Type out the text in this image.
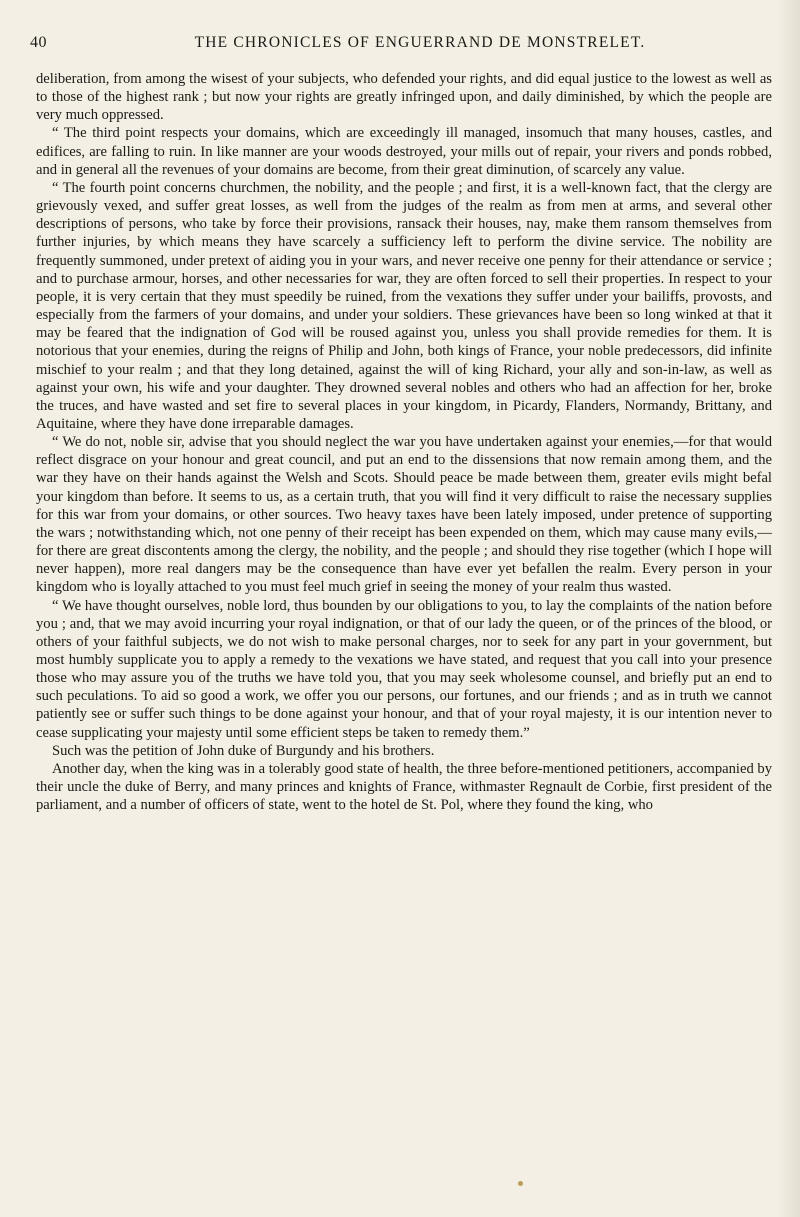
40	THE CHRONICLES OF ENGUERRAND DE MONSTRELET.

deliberation, from among the wisest of your subjects, who defended your rights, and did equal justice to the lowest as well as to those of the highest rank ; but now your rights are greatly infringed upon, and daily diminished, by which the people are very much oppressed.

“ The third point respects your domains, which are exceedingly ill managed, insomuch that many houses, castles, and edifices, are falling to ruin. In like manner are your woods destroyed, your mills out of repair, your rivers and ponds robbed, and in general all the revenues of your domains are become, from their great diminution, of scarcely any value.

“ The fourth point concerns churchmen, the nobility, and the people ; and first, it is a well-known fact, that the clergy are grievously vexed, and suffer great losses, as well from the judges of the realm as from men at arms, and several other descriptions of persons, who take by force their provisions, ransack their houses, nay, make them ransom themselves from further injuries, by which means they have scarcely a sufficiency left to perform the divine service. The nobility are frequently summoned, under pretext of aiding you in your wars, and never receive one penny for their attendance or service ; and to purchase armour, horses, and other necessaries for war, they are often forced to sell their properties. In respect to your people, it is very certain that they must speedily be ruined, from the vexations they suffer under your bailiffs, provosts, and especially from the farmers of your domains, and under your soldiers. These grievances have been so long winked at that it may be feared that the indignation of God will be roused against you, unless you shall provide remedies for them. It is notorious that your enemies, during the reigns of Philip and John, both kings of France, your noble predecessors, did infinite mischief to your realm ; and that they long detained, against the will of king Richard, your ally and son-in-law, as well as against your own, his wife and your daughter. They drowned several nobles and others who had an affection for her, broke the truces, and have wasted and set fire to several places in your kingdom, in Picardy, Flanders, Normandy, Brittany, and Aquitaine, where they have done irreparable damages.

“ We do not, noble sir, advise that you should neglect the war you have undertaken against your enemies,—for that would reflect disgrace on your honour and great council, and put an end to the dissensions that now remain among them, and the war they have on their hands against the Welsh and Scots. Should peace be made between them, greater evils might befal your kingdom than before. It seems to us, as a certain truth, that you will find it very difficult to raise the necessary supplies for this war from your domains, or other sources. Two heavy taxes have been lately imposed, under pretence of supporting the wars ; notwithstanding which, not one penny of their receipt has been expended on them, which may cause many evils,—for there are great discontents among the clergy, the nobility, and the people ; and should they rise together (which I hope will never happen), more real dangers may be the consequence than have ever yet befallen the realm. Every person in your kingdom who is loyally attached to you must feel much grief in seeing the money of your realm thus wasted.

“ We have thought ourselves, noble lord, thus bounden by our obligations to you, to lay the complaints of the nation before you ; and, that we may avoid incurring your royal indignation, or that of our lady the queen, or of the princes of the blood, or others of your faithful subjects, we do not wish to make personal charges, nor to seek for any part in your government, but most humbly supplicate you to apply a remedy to the vexations we have stated, and request that you call into your presence those who may assure you of the truths we have told you, that you may seek wholesome counsel, and briefly put an end to such peculations. To aid so good a work, we offer you our persons, our fortunes, and our friends ; and as in truth we cannot patiently see or suffer such things to be done against your honour, and that of your royal majesty, it is our intention never to cease supplicating your majesty until some efficient steps be taken to remedy them.”

Such was the petition of John duke of Burgundy and his brothers.

Another day, when the king was in a tolerably good state of health, the three before-mentioned petitioners, accompanied by their uncle the duke of Berry, and many princes and knights of France, withmaster Regnault de Corbie, first president of the parliament, and a number of officers of state, went to the hotel de St. Pol, where they found the king, who
